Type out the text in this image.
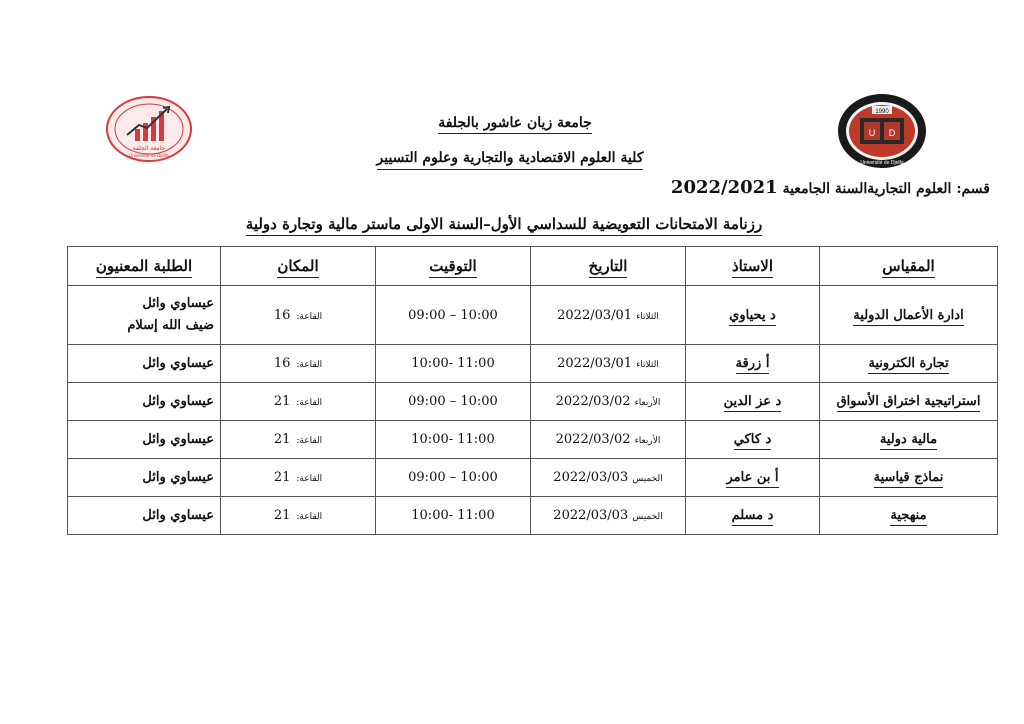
U D
1990
Université de Djelfa
جامعة الجلفة
Université de Djelfa
جامعة زيان عاشور بالجلفة
كلية العلوم الاقتصادية والتجارية وعلوم التسيير
قسم: العلوم التجاريةالسنة الجامعية 2022/2021
رزنامة الامتحانات التعويضية للسداسي الأول–السنة الاولى ماستر مالية وتجارة دولية
المقياس	الاستاذ	التاريخ	التوقيت	المكان	الطلبة المعنيون
ادارة الأعمال الدولية	د يحياوي	الثلاثاء2022/03/01	09:00 – 10:00	القاعة:16	عيساوي وائل
ضيف الله إسلام

تجارة الكترونية	أ زرقة	الثلاثاء2022/03/01	10:00- 11:00	القاعة:16	عيساوي وائل

استراتيجية اختراق الأسواق	د عز الدين	الأربعاء2022/03/02	09:00 – 10:00	القاعة:21	عيساوي وائل

مالية دولية	د كاكي	الأربعاء2022/03/02	10:00- 11:00	القاعة:21	عيساوي وائل

نماذج قياسية	أ بن عامر	الخميس2022/03/03	09:00 – 10:00	القاعة:21	عيساوي وائل

منهجية	د مسلم	الخميس2022/03/03	10:00- 11:00	القاعة:21	عيساوي وائل
